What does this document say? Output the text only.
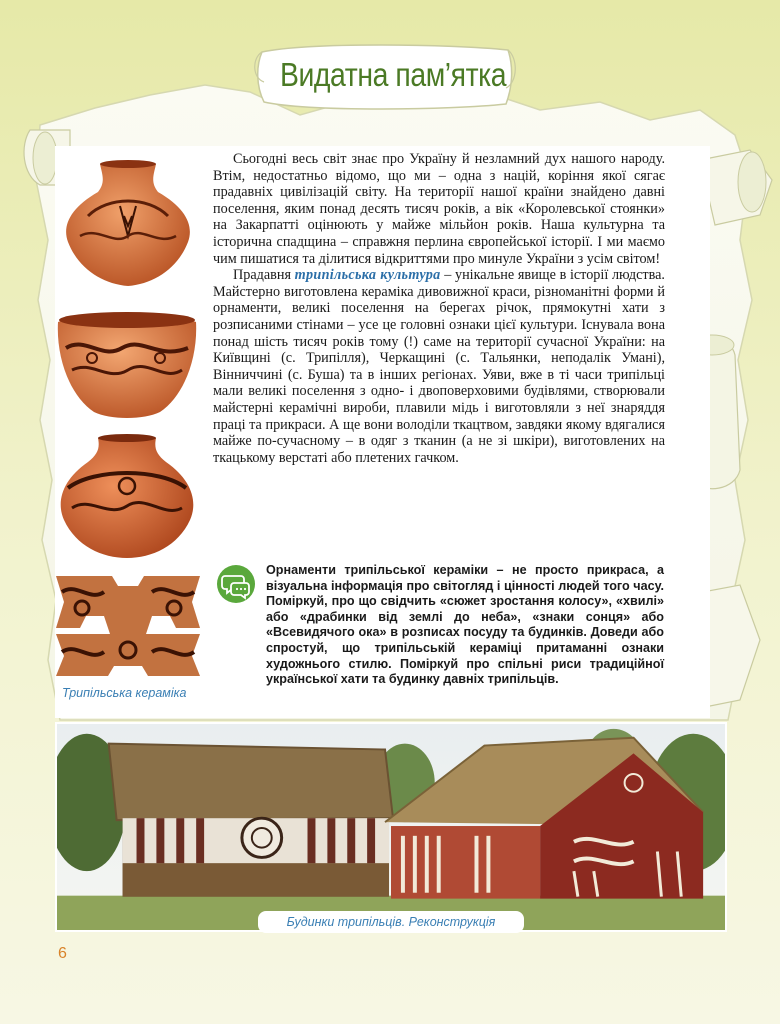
Видатна пам’ятка
Трипільська кераміка

Сьогодні весь світ знає про Україну й незламний дух нашого народу. Втім, недостатньо відомо, що ми – одна з націй, коріння якої сягає прадавніх цивілізацій світу. На території нашої країни знайдено давні поселення, яким понад десять тисяч років, а вік «Королевської стоянки» на Закарпатті оцінюють у майже мільйон років. Наша культурна та історична спадщина – справжня перлина європейської історії. І ми маємо чим пишатися та ділитися відкриттями про минуле України з усім світом!

Прадавня трипільська культура – унікальне явище в історії людства. Майстерно виготовлена кераміка дивовижної краси, різноманітні форми й орнаменти, великі поселення на берегах річок, прямокутні хати з розписаними стінами – усе це головні ознаки цієї культури. Існувала вона понад шість тисяч років тому (!) саме на території сучасної України: на Київщині (с. Трипілля), Черкащині (с. Тальянки, неподалік Умані), Вінниччині (с. Буша) та в інших регіонах. Уяви, вже в ті часи трипільці мали великі поселення з одно- і двоповерховими будівлями, створювали майстерні керамічні вироби, плавили мідь і виготовляли з неї знаряддя праці та прикраси. А ще вони володіли ткацтвом, завдяки якому вдягалися майже по-сучасному – в одяг з тканин (а не зі шкіри), виготовлених на ткацькому верстаті або плетених гачком.

Орнаменти трипільської кераміки – не просто прикраса, а візуальна інформація про світогляд і цінності людей того часу. Поміркуй, про що свідчить «сюжет зростання колосу», «хвилі» або «драбинки від землі до неба», «знаки сонця» або «Всевидячого ока» в розписах посуду та будинків. Доведи або спростуй, що трипільській кераміці притаманні ознаки художнього стилю. Поміркуй про спільні риси традиційної української хати та будинку давніх трипільців.
Будинки трипільців. Реконструкція
6
